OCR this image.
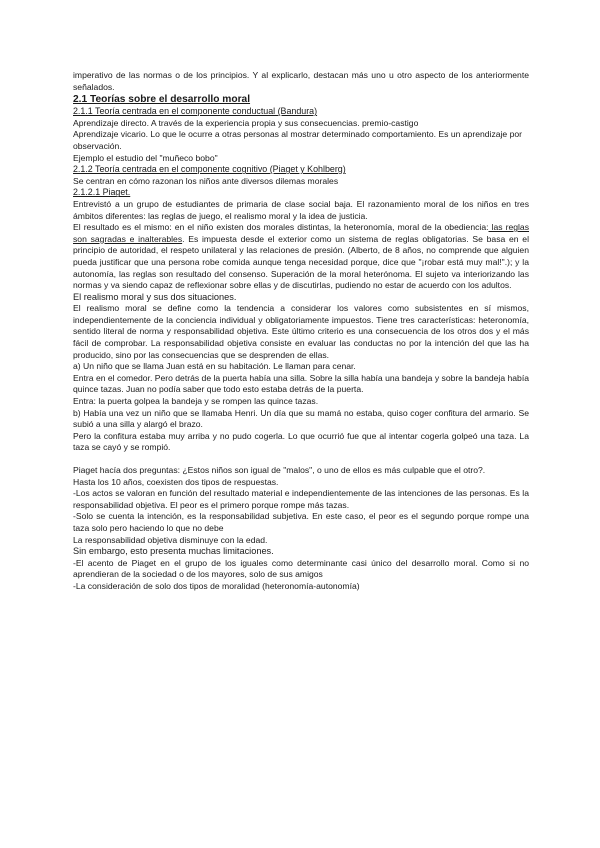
imperativo de las normas o de los principios. Y al explicarlo, destacan más uno u otro aspecto de los anteriormente señalados.

2.1 Teorías sobre el desarrollo moral

2.1.1 Teoría centrada en el componente conductual (Bandura)

Aprendizaje directo. A través de la experiencia propia y sus consecuencias. premio-castigo

Aprendizaje vicario. Lo que le ocurre a otras personas al mostrar determinado comportamiento. Es un aprendizaje por observación.

Ejemplo el estudio del "muñeco bobo"

2.1.2 Teoría centrada en el componente cognitivo (Piaget y Kohlberg)

Se centran en cómo razonan los niños ante diversos dilemas morales

2.1.2.1 Piaget.

Entrevistó a un grupo de estudiantes de primaria de clase social baja. El razonamiento moral de los niños en tres ámbitos diferentes: las reglas de juego, el realismo moral y la idea de justicia.

El resultado es el mismo: en el niño existen dos morales distintas, la heteronomía, moral de la obediencia: las reglas son sagradas e inalterables. Es impuesta desde el exterior como un sistema de reglas obligatorias. Se basa en el principio de autoridad, el respeto unilateral y las relaciones de presión. (Alberto, de 8 años, no comprende que alguien pueda justificar que una persona robe comida aunque tenga necesidad porque, dice que "¡robar está muy mal!".); y la autonomía, las reglas son resultado del consenso. Superación de la moral heterónoma. El sujeto va interiorizando las normas y va siendo capaz de reflexionar sobre ellas y de discutirlas, pudiendo no estar de acuerdo con los adultos.

El realismo moral y sus dos situaciones.

El realismo moral se define como la tendencia a considerar los valores como subsistentes en sí mismos, independientemente de la conciencia individual y obligatoriamente impuestos. Tiene tres características: heteronomía, sentido literal de norma y responsabilidad objetiva. Este último criterio es una consecuencia de los otros dos y el más fácil de comprobar. La responsabilidad objetiva consiste en evaluar las conductas no por la intención del que las ha producido, sino por las consecuencias que se desprenden de ellas.

a) Un niño que se llama Juan está en su habitación. Le llaman para cenar.

Entra en el comedor. Pero detrás de la puerta había una silla. Sobre la silla había una bandeja y sobre la bandeja había quince tazas. Juan no podía saber que todo esto estaba detrás de la puerta.

Entra: la puerta golpea la bandeja y se rompen las quince tazas.

b) Había una vez un niño que se llamaba Henri. Un día que su mamá no estaba, quiso coger confitura del armario. Se subió a una silla y alargó el brazo.

Pero la confitura estaba muy arriba y no pudo cogerla. Lo que ocurrió fue que al intentar cogerla golpeó una taza. La taza se cayó y se rompió.

Piaget hacía dos preguntas: ¿Estos niños son igual de "malos", o uno de ellos es más culpable que el otro?.

Hasta los 10 años, coexisten dos tipos de respuestas.

-Los actos se valoran en función del resultado material e independientemente de las intenciones de las personas. Es la responsabilidad objetiva. El peor es el primero porque rompe más tazas.

-Solo se cuenta la intención, es la responsabilidad subjetiva. En este caso, el peor es el segundo porque rompe una taza solo pero haciendo lo que no debe

La responsabilidad objetiva disminuye con la edad.

Sin embargo, esto presenta muchas limitaciones.

-El acento de Piaget en el grupo de los iguales como determinante casi único del desarrollo moral. Como si no aprendieran de la sociedad o de los mayores, solo de sus amigos

-La consideración de solo dos tipos de moralidad (heteronomía-autonomía)
